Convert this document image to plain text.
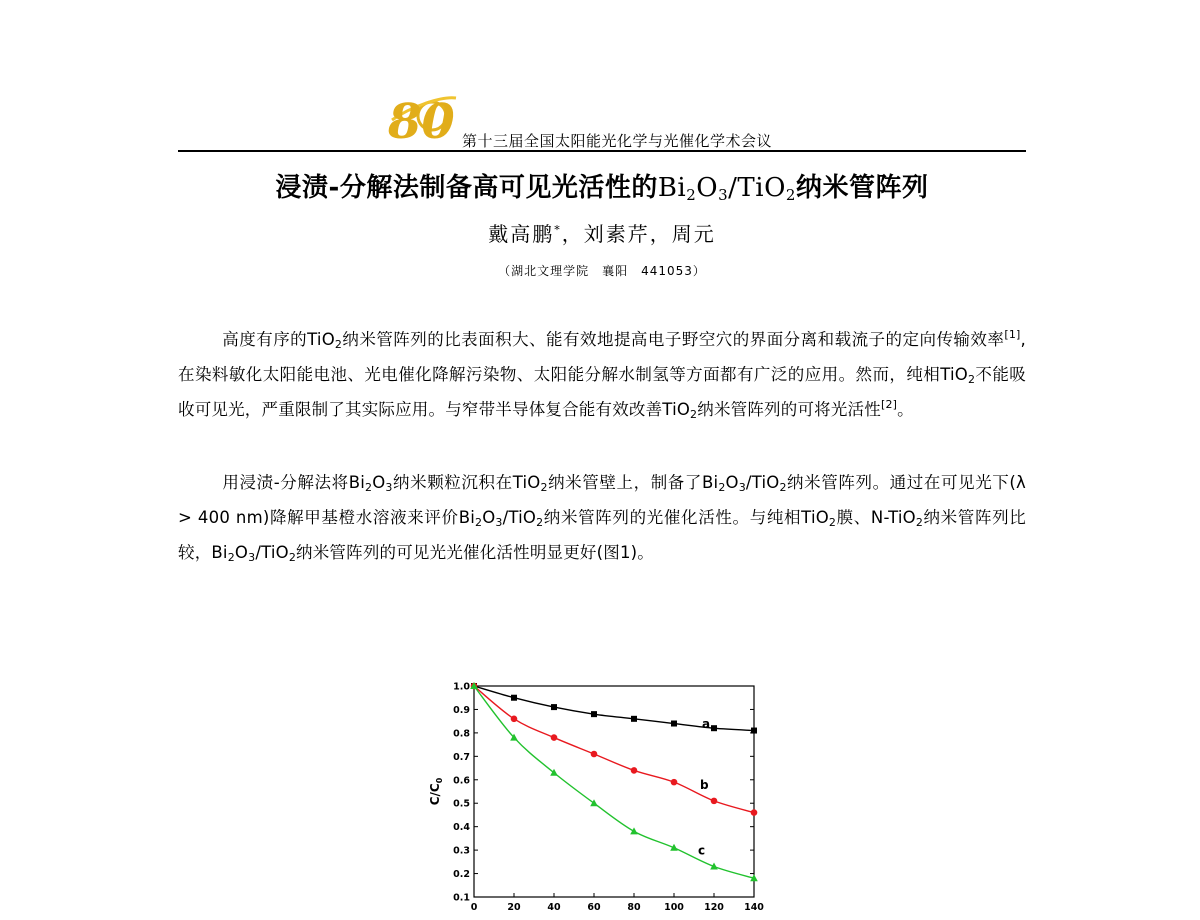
80 第十三届全国太阳能光化学与光催化学术会议
浸渍-分解法制备高可见光活性的$Bi_2O_3/TiO_2$纳米管阵列
戴高鹏*，刘素芹，周元
（湖北文理学院　襄阳　441053）
高度有序的TiO$_2$纳米管阵列的比表面积大、能有效地提高电子野空穴的界面分离和载流子的定向传输效率[1],在染料敏化太阳能电池、光电催化降解污染物、太阳能分解水制氢等方面都有广泛的应用。然而，纯相TiO$_2$不能吸收可见光，严重限制了其实际应用。与窄带半导体复合能有效改善TiO$_2$纳米管阵列的可将光活性[2]。
用浸渍-分解法将$Bi_2O_3$纳米颗粒沉积在TiO$_2$纳米管壁上，制备了$Bi_2O_3/TiO_2$纳米管阵列。通过在可见光下(λ > 400 nm)降解甲基橙水溶液来评价$Bi_2O_3/TiO_2$纳米管阵列的光催化活性。与纯相TiO$_2$膜、N-TiO$_2$纳米管阵列比较，$Bi_2O_3/TiO_2$纳米管阵列的可见光光催化活性明显更好(图1)。
0.1
0.2
0.3
0.4
0.5
0.6
0.7
0.8
0.9
1.0
0	20	40	60	80 100 120 140
$C/C_0$
a
b
c
